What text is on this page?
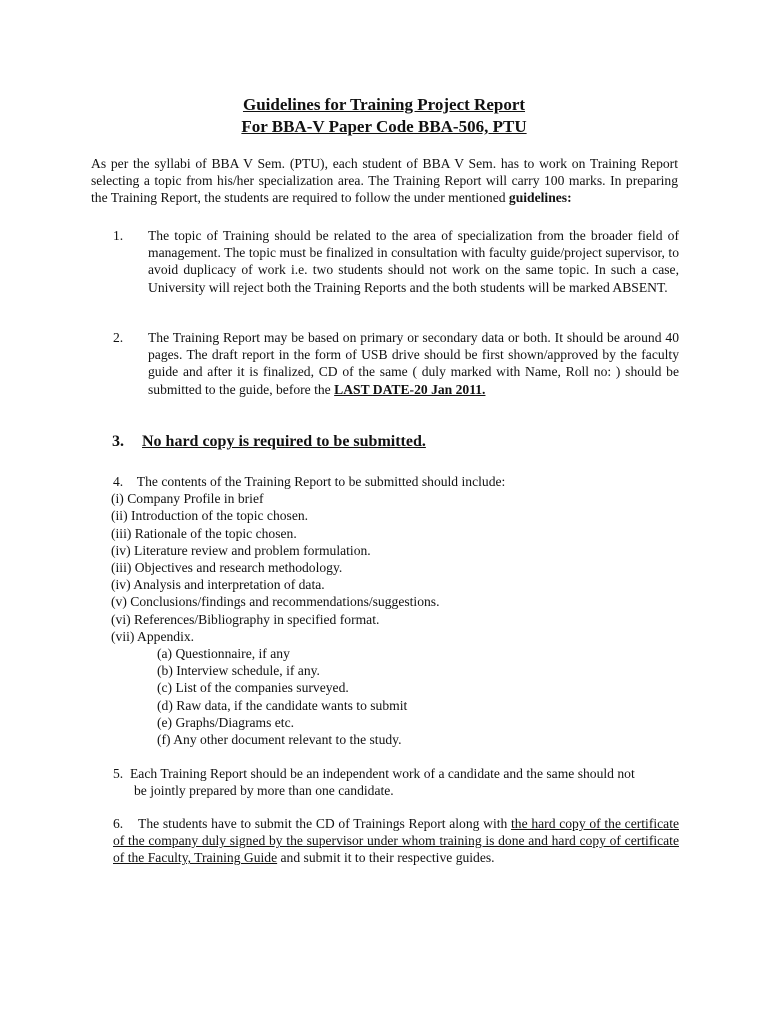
Guidelines for Training Project Report
For BBA-V Paper Code BBA-506, PTU
As per the syllabi of BBA V Sem. (PTU), each student of BBA V Sem. has to work on Training Report selecting a topic from his/her specialization area. The Training Report will carry 100 marks. In preparing the Training Report, the students are required to follow the under mentioned guidelines:
1. The topic of Training should be related to the area of specialization from the broader field of management. The topic must be finalized in consultation with faculty guide/project supervisor, to avoid duplicacy of work i.e. two students should not work on the same topic. In such a case, University will reject both the Training Reports and the both students will be marked ABSENT.
2. The Training Report may be based on primary or secondary data or both. It should be around 40 pages. The draft report in the form of USB drive should be first shown/approved by the faculty guide and after it is finalized, CD of the same ( duly marked with Name, Roll no: ) should be submitted to the guide, before the LAST DATE-20 Jan 2011.
3. No hard copy is required to be submitted.
4. The contents of the Training Report to be submitted should include:
(i) Company Profile in brief
(ii) Introduction of the topic chosen.
(iii) Rationale of the topic chosen.
(iv) Literature review and problem formulation.
(iii) Objectives and research methodology.
(iv) Analysis and interpretation of data.
(v) Conclusions/findings and recommendations/suggestions.
(vi) References/Bibliography in specified format.
(vii) Appendix.
(a) Questionnaire, if any
(b) Interview schedule, if any.
(c) List of the companies surveyed.
(d) Raw data, if the candidate wants to submit
(e) Graphs/Diagrams etc.
(f) Any other document relevant to the study.
5. Each Training Report should be an independent work of a candidate and the same should not
be jointly prepared by more than one candidate.
6. The students have to submit the CD of Trainings Report along with the hard copy of the certificate of the company duly signed by the supervisor under whom training is done and hard copy of certificate of the Faculty, Training Guide and submit it to their respective guides.
